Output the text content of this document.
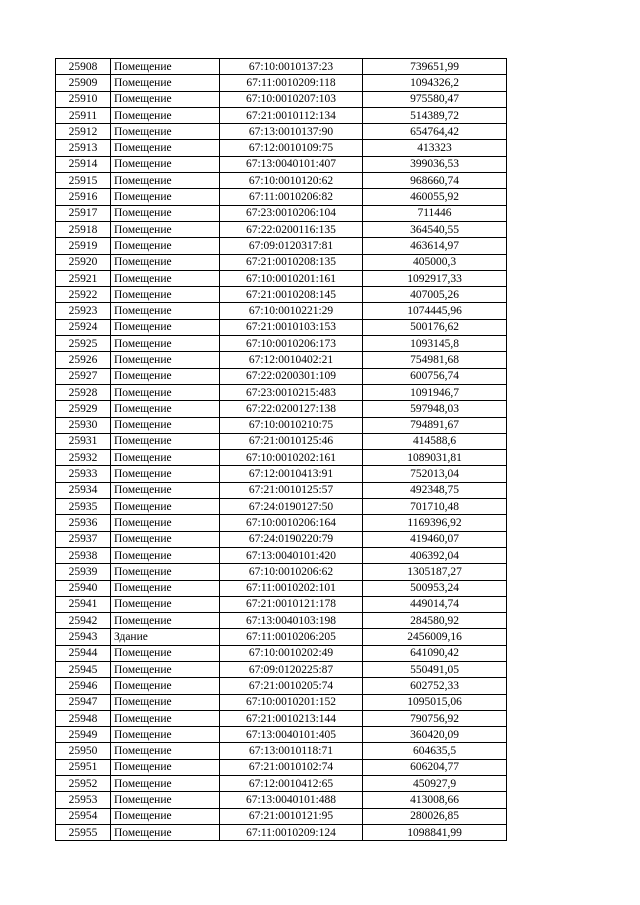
25908	Помещение	67:10:0010137:23	739651,99
25909	Помещение	67:11:0010209:118	1094326,2
25910	Помещение	67:10:0010207:103	975580,47
25911	Помещение	67:21:0010112:134	514389,72
25912	Помещение	67:13:0010137:90	654764,42
25913	Помещение	67:12:0010109:75	413323
25914	Помещение	67:13:0040101:407	399036,53
25915	Помещение	67:10:0010120:62	968660,74
25916	Помещение	67:11:0010206:82	460055,92
25917	Помещение	67:23:0010206:104	711446
25918	Помещение	67:22:0200116:135	364540,55
25919	Помещение	67:09:0120317:81	463614,97
25920	Помещение	67:21:0010208:135	405000,3
25921	Помещение	67:10:0010201:161	1092917,33
25922	Помещение	67:21:0010208:145	407005,26
25923	Помещение	67:10:0010221:29	1074445,96
25924	Помещение	67:21:0010103:153	500176,62
25925	Помещение	67:10:0010206:173	1093145,8
25926	Помещение	67:12:0010402:21	754981,68
25927	Помещение	67:22:0200301:109	600756,74
25928	Помещение	67:23:0010215:483	1091946,7
25929	Помещение	67:22:0200127:138	597948,03
25930	Помещение	67:10:0010210:75	794891,67
25931	Помещение	67:21:0010125:46	414588,6
25932	Помещение	67:10:0010202:161	1089031,81
25933	Помещение	67:12:0010413:91	752013,04
25934	Помещение	67:21:0010125:57	492348,75
25935	Помещение	67:24:0190127:50	701710,48
25936	Помещение	67:10:0010206:164	1169396,92
25937	Помещение	67:24:0190220:79	419460,07
25938	Помещение	67:13:0040101:420	406392,04
25939	Помещение	67:10:0010206:62	1305187,27
25940	Помещение	67:11:0010202:101	500953,24
25941	Помещение	67:21:0010121:178	449014,74
25942	Помещение	67:13:0040103:198	284580,92
25943	Здание	67:11:0010206:205	2456009,16
25944	Помещение	67:10:0010202:49	641090,42
25945	Помещение	67:09:0120225:87	550491,05
25946	Помещение	67:21:0010205:74	602752,33
25947	Помещение	67:10:0010201:152	1095015,06
25948	Помещение	67:21:0010213:144	790756,92
25949	Помещение	67:13:0040101:405	360420,09
25950	Помещение	67:13:0010118:71	604635,5
25951	Помещение	67:21:0010102:74	606204,77
25952	Помещение	67:12:0010412:65	450927,9
25953	Помещение	67:13:0040101:488	413008,66
25954	Помещение	67:21:0010121:95	280026,85
25955	Помещение	67:11:0010209:124	1098841,99
